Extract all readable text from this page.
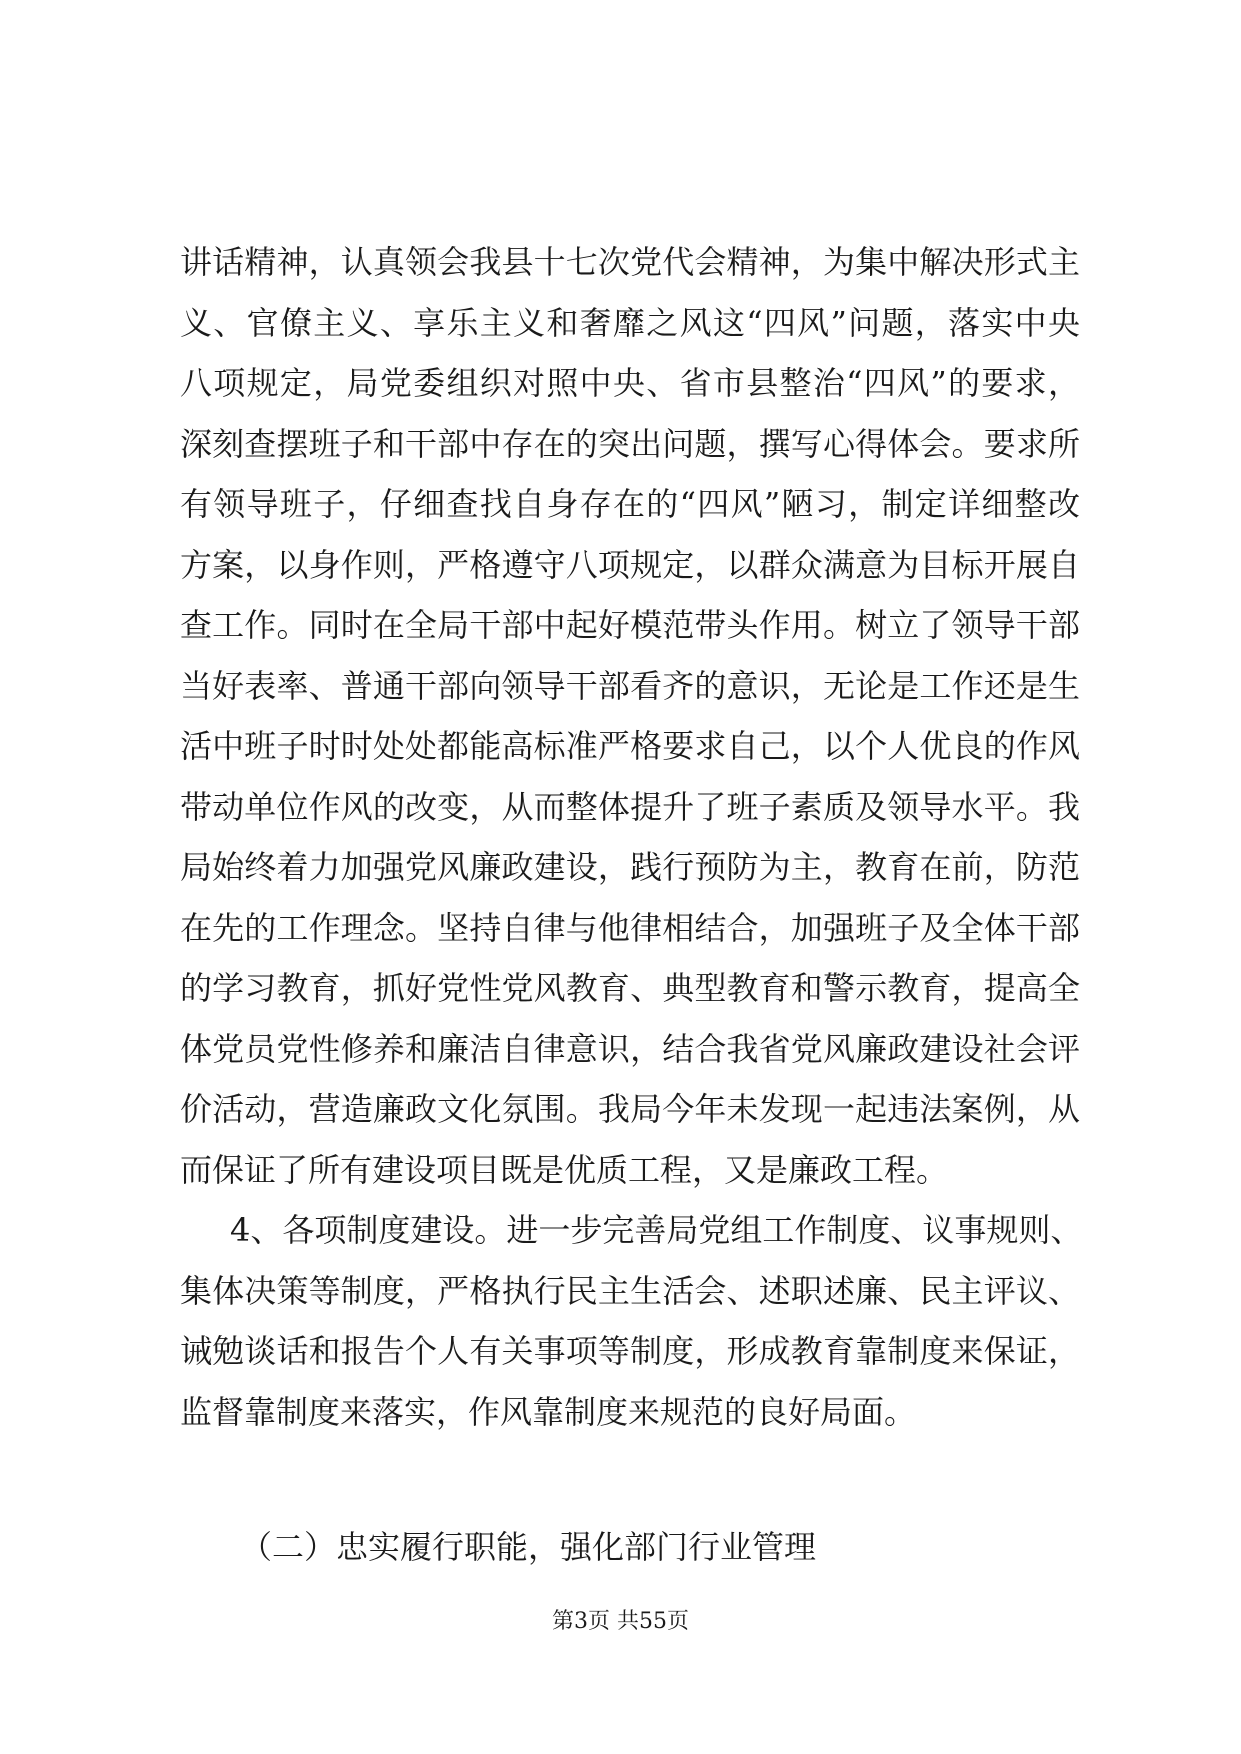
讲话精神，认真领会我县十七次党代会精神，为集中解决形式主
义、官僚主义、享乐主义和奢靡之风这“四风”问题，落实中央
八项规定，局党委组织对照中央、省市县整治“四风”的要求，
深刻查摆班子和干部中存在的突出问题，撰写心得体会。要求所
有领导班子，仔细查找自身存在的“四风”陋习，制定详细整改
方案，以身作则，严格遵守八项规定，以群众满意为目标开展自
查工作。同时在全局干部中起好模范带头作用。树立了领导干部
当好表率、普通干部向领导干部看齐的意识，无论是工作还是生
活中班子时时处处都能高标准严格要求自己，以个人优良的作风
带动单位作风的改变，从而整体提升了班子素质及领导水平。我
局始终着力加强党风廉政建设，践行预防为主，教育在前，防范
在先的工作理念。坚持自律与他律相结合，加强班子及全体干部
的学习教育，抓好党性党风教育、典型教育和警示教育，提高全
体党员党性修养和廉洁自律意识，结合我省党风廉政建设社会评
价活动，营造廉政文化氛围。我局今年未发现一起违法案例，从
而保证了所有建设项目既是优质工程，又是廉政工程。
4、各项制度建设。进一步完善局党组工作制度、议事规则、
集体决策等制度，严格执行民主生活会、述职述廉、民主评议、
诫勉谈话和报告个人有关事项等制度，形成教育靠制度来保证，
监督靠制度来落实，作风靠制度来规范的良好局面。
（二）忠实履行职能，强化部门行业管理
第3页 共55页
